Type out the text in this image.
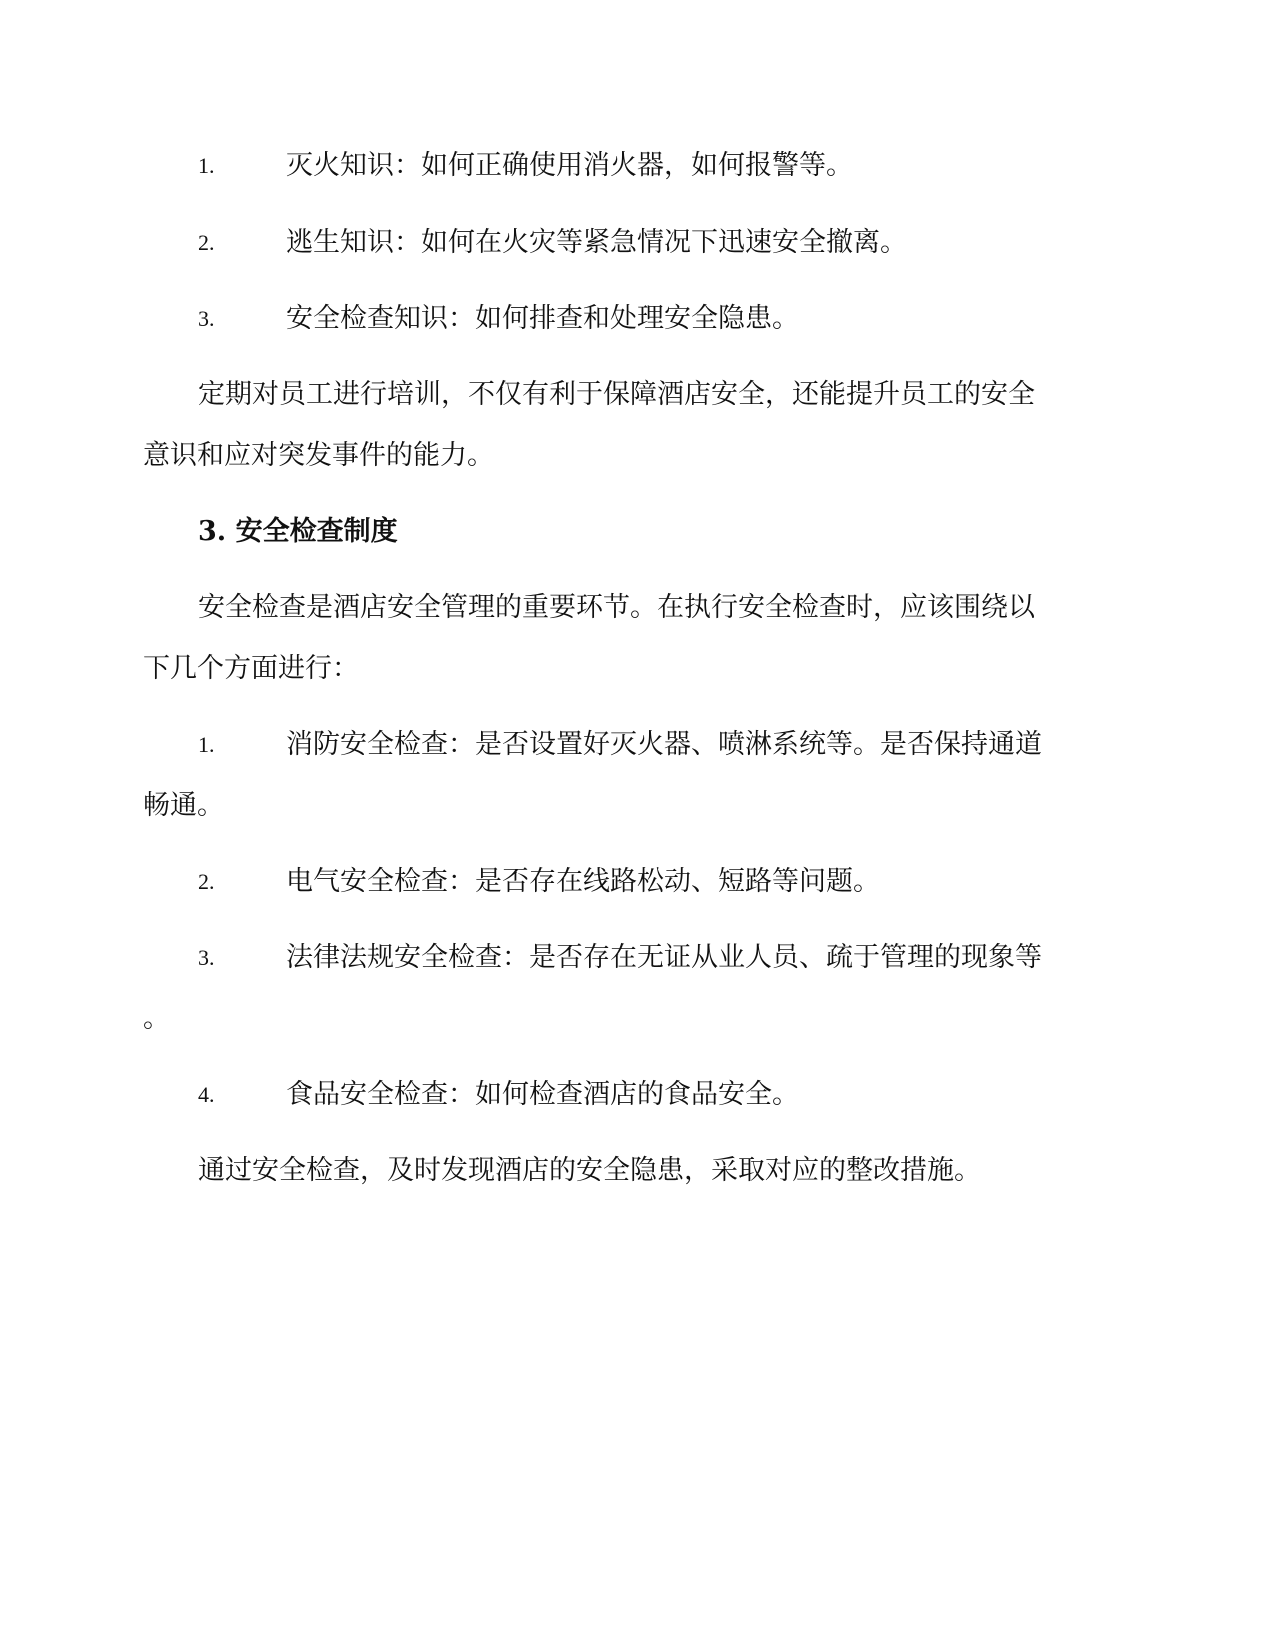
1.	灭火知识：如何正确使用消火器，如何报警等。
2.	逃生知识：如何在火灾等紧急情况下迅速安全撤离。
3.	安全检查知识：如何排查和处理安全隐患。
定期对员工进行培训，不仅有利于保障酒店安全，还能提升员工的安全
意识和应对突发事件的能力。
3. 安全检查制度
安全检查是酒店安全管理的重要环节。在执行安全检查时，应该围绕以
下几个方面进行：
1.	消防安全检查：是否设置好灭火器、喷淋系统等。是否保持通道
畅通。
2.	电气安全检查：是否存在线路松动、短路等问题。
3.	法律法规安全检查：是否存在无证从业人员、疏于管理的现象等
。
4.	食品安全检查：如何检查酒店的食品安全。
通过安全检查，及时发现酒店的安全隐患，采取对应的整改措施。
